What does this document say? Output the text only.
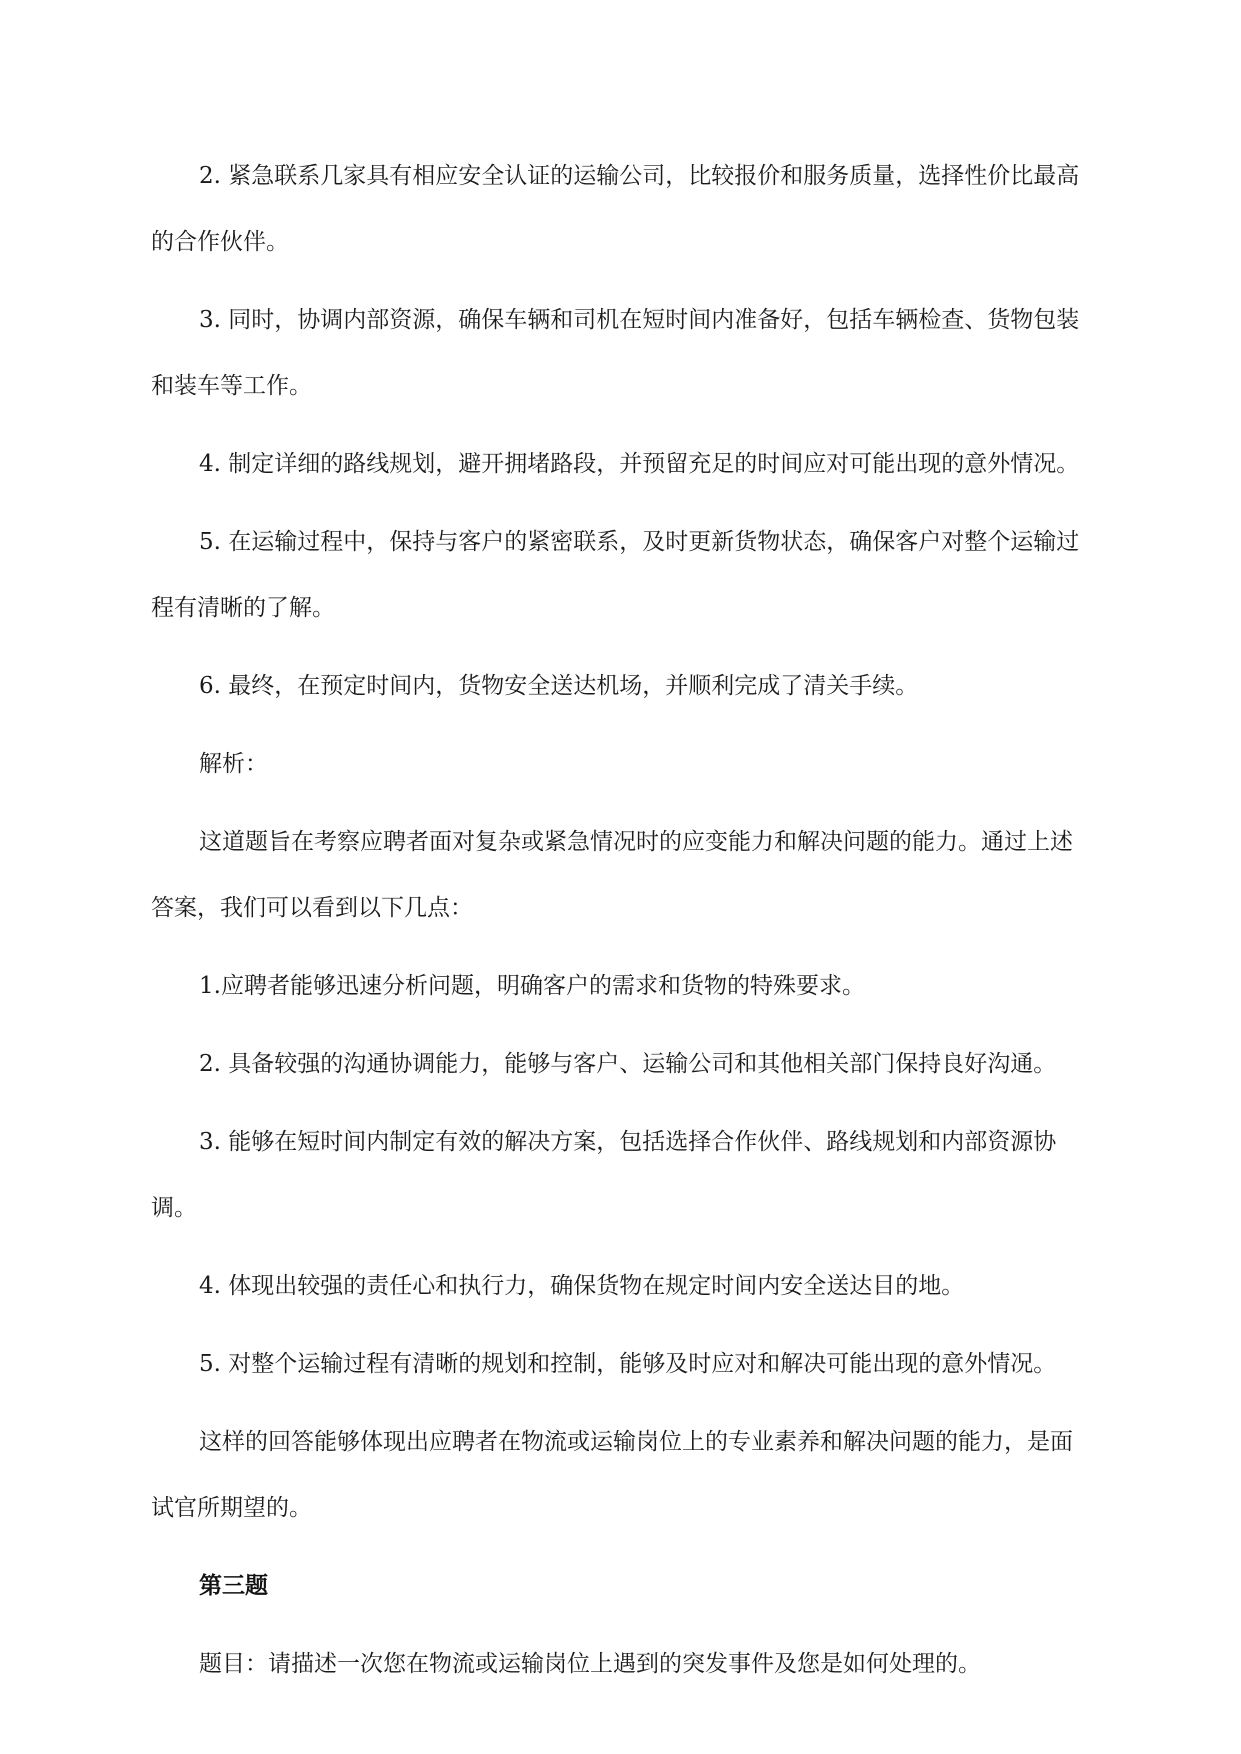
2. 紧急联系几家具有相应安全认证的运输公司，比较报价和服务质量，选择性价比最高的合作伙伴。

3. 同时，协调内部资源，确保车辆和司机在短时间内准备好，包括车辆检查、货物包装和装车等工作。

4. 制定详细的路线规划，避开拥堵路段，并预留充足的时间应对可能出现的意外情况。

5. 在运输过程中，保持与客户的紧密联系，及时更新货物状态，确保客户对整个运输过程有清晰的了解。

6. 最终，在预定时间内，货物安全送达机场，并顺利完成了清关手续。

解析：

这道题旨在考察应聘者面对复杂或紧急情况时的应变能力和解决问题的能力。通过上述答案，我们可以看到以下几点：

1.应聘者能够迅速分析问题，明确客户的需求和货物的特殊要求。

2. 具备较强的沟通协调能力，能够与客户、运输公司和其他相关部门保持良好沟通。

3. 能够在短时间内制定有效的解决方案，包括选择合作伙伴、路线规划和内部资源协调。

4. 体现出较强的责任心和执行力，确保货物在规定时间内安全送达目的地。

5. 对整个运输过程有清晰的规划和控制，能够及时应对和解决可能出现的意外情况。

这样的回答能够体现出应聘者在物流或运输岗位上的专业素养和解决问题的能力，是面试官所期望的。

第三题

题目：请描述一次您在物流或运输岗位上遇到的突发事件及您是如何处理的。
